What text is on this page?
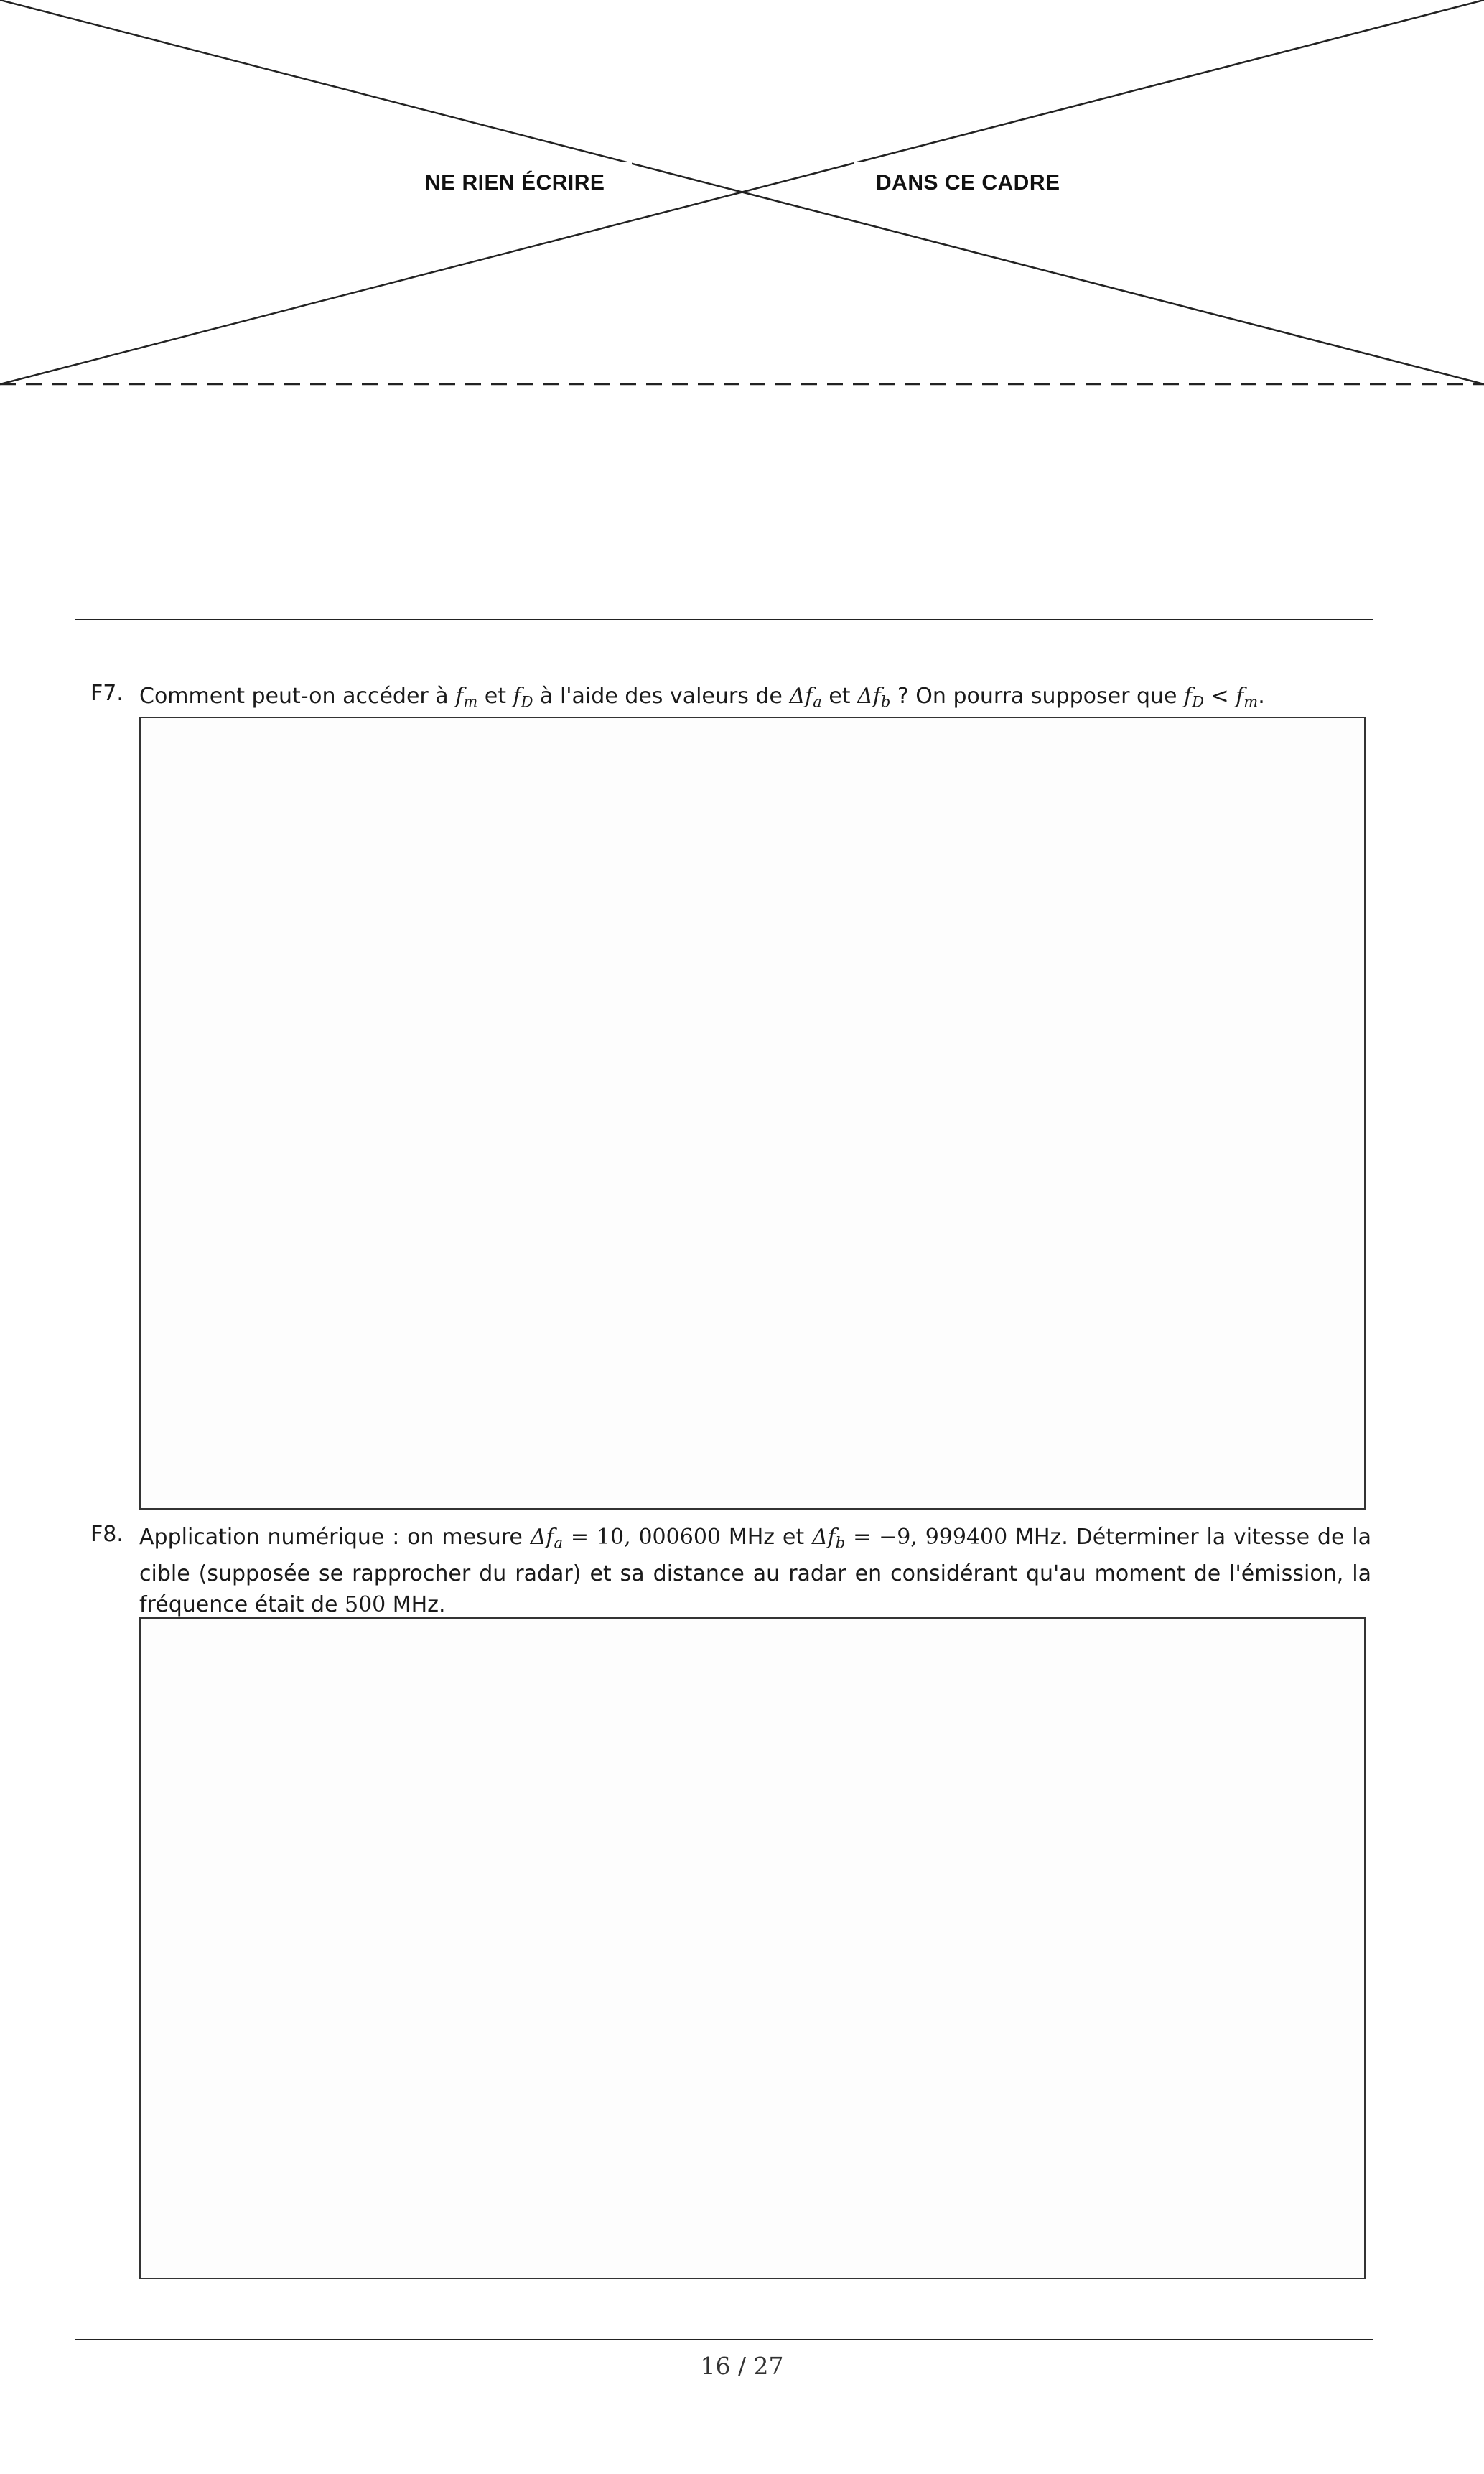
NE RIEN ÉCRIRE	DANS CE CADRE
F7. Comment peut-on accéder à $f_m$ et $f_D$ à l'aide des valeurs de $\Delta f_a$ et $\Delta f_b$ ? On pourra supposer que $f_D < f_m$.
F8. Application numérique : on mesure $\Delta f_a = 10$, 000600 MHz et $\Delta f_b = -9$, 999400 MHz. Déterminer la vitesse de la cible (supposée se rapprocher du radar) et sa distance au radar en considérant qu'au moment de l'émission, la fréquence était de 500 MHz.
16 / 27
